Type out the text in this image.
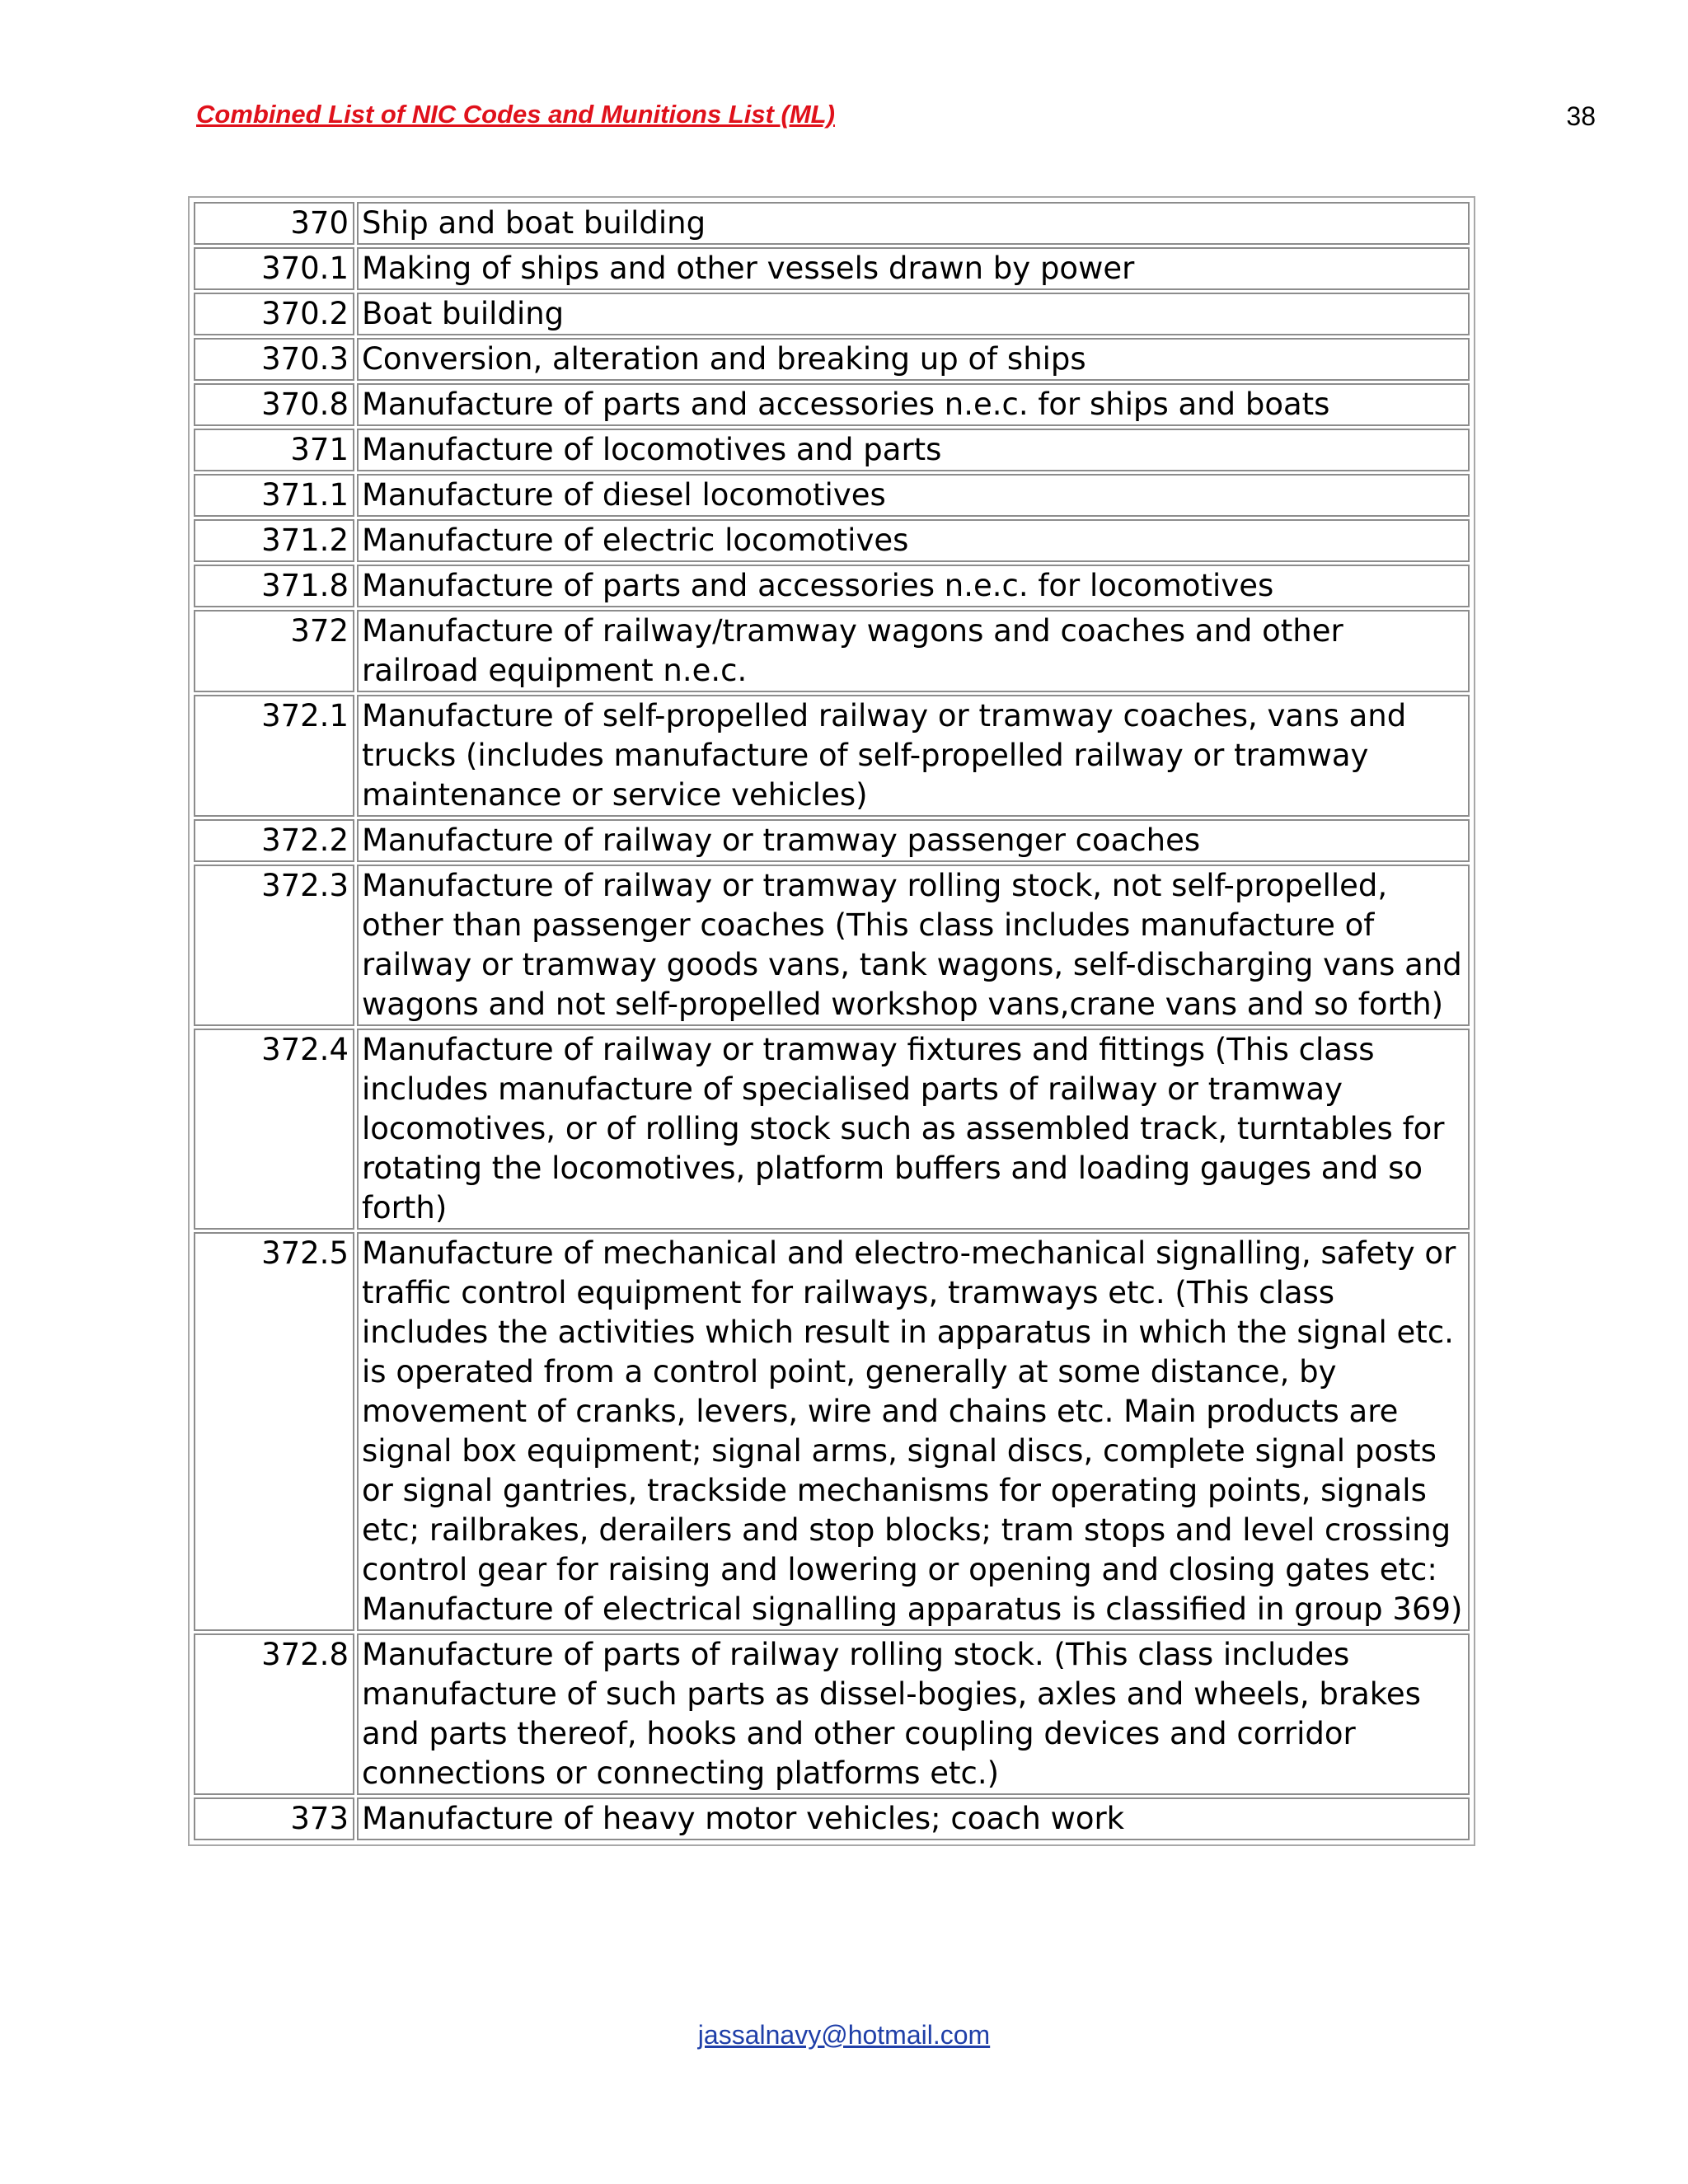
Combined List of NIC Codes and Munitions List (ML)	38
370	Ship and boat building
370.1	Making of ships and other vessels drawn by power
370.2	Boat building
370.3	Conversion, alteration and breaking up of ships
370.8	Manufacture of parts and accessories n.e.c. for ships and boats
371	Manufacture of locomotives and parts
371.1	Manufacture of diesel locomotives
371.2	Manufacture of electric locomotives
371.8	Manufacture of parts and accessories n.e.c. for locomotives
372	Manufacture of railway/tramway wagons and coaches and other railroad equipment n.e.c.
372.1	Manufacture of self-propelled railway or tramway coaches, vans and trucks (includes manufacture of self-propelled railway or tramway maintenance or service vehicles)
372.2	Manufacture of railway or tramway passenger coaches
372.3	Manufacture of railway or tramway rolling stock, not self-propelled, other than passenger coaches (This class includes manufacture of railway or tramway goods vans, tank wagons, self-discharging vans and wagons and not self-propelled workshop vans,crane vans and so forth)
372.4	Manufacture of railway or tramway fixtures and fittings (This class includes manufacture of specialised parts of railway or tramway locomotives, or of rolling stock such as assembled track, turntables for rotating the locomotives, platform buffers and loading gauges and so forth)
372.5	Manufacture of mechanical and electro-mechanical signalling, safety or traffic control equipment for railways, tramways etc. (This class includes the activities which result in apparatus in which the signal etc. is operated from a control point, generally at some distance, by movement of cranks, levers, wire and chains etc. Main products are signal box equipment; signal arms, signal discs, complete signal posts or signal gantries, trackside mechanisms for operating points, signals etc; railbrakes, derailers and stop blocks; tram stops and level crossing control gear for raising and lowering or opening and closing gates etc: Manufacture of electrical signalling apparatus is classified in group 369)
372.8	Manufacture of parts of railway rolling stock. (This class includes manufacture of such parts as dissel-bogies, axles and wheels, brakes and parts thereof, hooks and other coupling devices and corridor connections or connecting platforms etc.)
373	Manufacture of heavy motor vehicles; coach work
jassalnavy@hotmail.com
